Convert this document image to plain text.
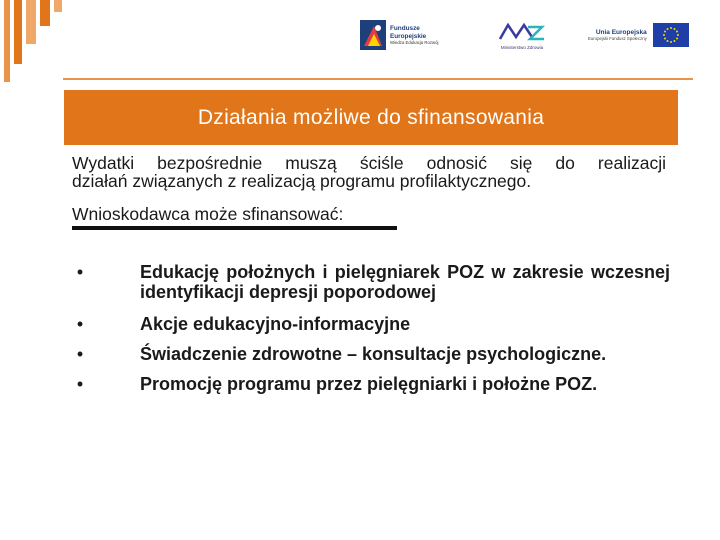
Fundusze
Europejskie
Wiedza Edukacja Rozwój
Ministerstwo Zdrowia
Unia Europejska
Europejski Fundusz Społeczny
Działania możliwe do sfinansowania
Wydatki bezpośrednie muszą ściśle odnosić się do realizacji
działań związanych z realizacją programu profilaktycznego.
Wnioskodawca może sfinansować:
•	Edukację położnych i pielęgniarek POZ w zakresie wczesnej identyfikacji depresji poporodowej
•	Akcje edukacyjno-informacyjne
•	Świadczenie zdrowotne – konsultacje psychologiczne.
•	Promocję programu przez pielęgniarki i położne POZ.
